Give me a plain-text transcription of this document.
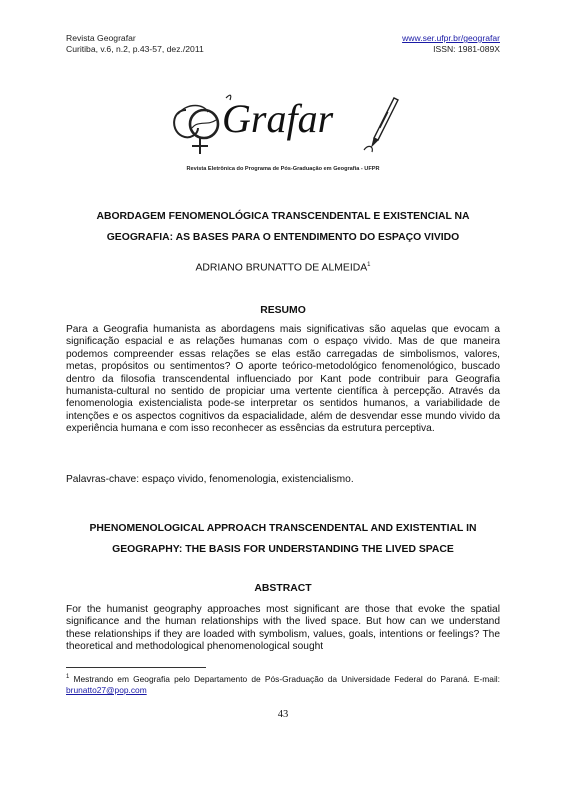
Revista Geografar
Curitiba, v.6, n.2, p.43-57, dez./2011
www.ser.ufpr.br/geografar
ISSN: 1981-089X
Grafar
Revista Eletrônica do Programa de Pós-Graduação em Geografia - UFPR
ABORDAGEM FENOMENOLÓGICA TRANSCENDENTAL E EXISTENCIAL NA
GEOGRAFIA: AS BASES PARA O ENTENDIMENTO DO ESPAÇO VIVIDO
ADRIANO BRUNATTO DE ALMEIDA$^1$
RESUMO
Para a Geografia humanista as abordagens mais significativas são aquelas que evocam a significação espacial e as relações humanas com o espaço vivido. Mas de que maneira podemos compreender essas relações se elas estão carregadas de simbolismos, valores, metas, propósitos ou sentimentos? O aporte teórico-metodológico fenomenológico, buscado dentro da filosofia transcendental influenciado por Kant pode contribuir para Geografia humanista-cultural no sentido de propiciar uma vertente científica à percepção. Através da fenomenologia existencialista pode-se interpretar os sentidos humanos, a variabilidade de intenções e os aspectos cognitivos da espacialidade, além de desvendar esse mundo vivido da experiência humana e com isso reconhecer as essências da estrutura perceptiva.
Palavras-chave: espaço vivido, fenomenologia, existencialismo.
PHENOMENOLOGICAL APPROACH TRANSCENDENTAL AND EXISTENTIAL IN
GEOGRAPHY: THE BASIS FOR UNDERSTANDING THE LIVED SPACE
ABSTRACT
For the humanist geography approaches most significant are those that evoke the spatial significance and the human relationships with the lived space. But how can we understand these relationships if they are loaded with symbolism, values, goals, intentions or feelings? The theoretical and methodological phenomenological sought
$^1$ Mestrando em Geografia pelo Departamento de Pós-Graduação da Universidade Federal do Paraná. E-mail: brunatto27@pop.com
43
